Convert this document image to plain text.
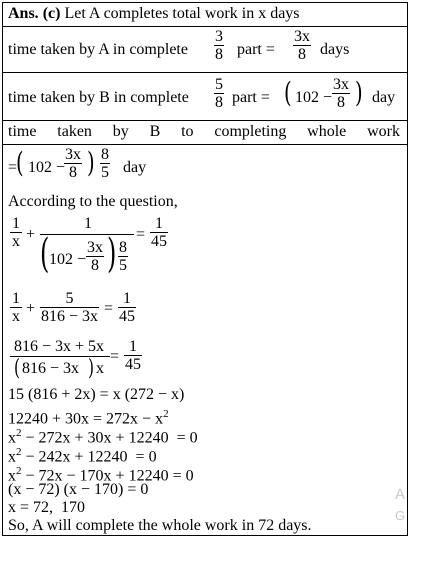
Ans. (c) Let A completes total work in x days
time taken by A in complete
3
8 part =
3x
8 days
time taken by B in complete
5
8 part = ( 102 −
3x
8 ) day
time taken by B to completing whole work
=
( 102 −
3x
8 ) 8
5 day
According to the question,
1
x +
1
( 102 −
3x
8 ) 8
5
=
1
45
1
x +
5
816 − 3x =
1
45
816 − 3x + 5x
( 816 − 3x ) x
=
1
45
15 (816 + 2x) = x (272 − x)
$12240 + 30x = 272x - x^2$
$x^2 - 272x + 30x + 12240 = 0$
$x^2 - 242x + 12240 = 0$
$x^2 - 72x - 170x + 12240 = 0$
(x − 72) (x − 170) = 0
x = 72,  170
So, A will complete the whole work in 72 days.
A
G
